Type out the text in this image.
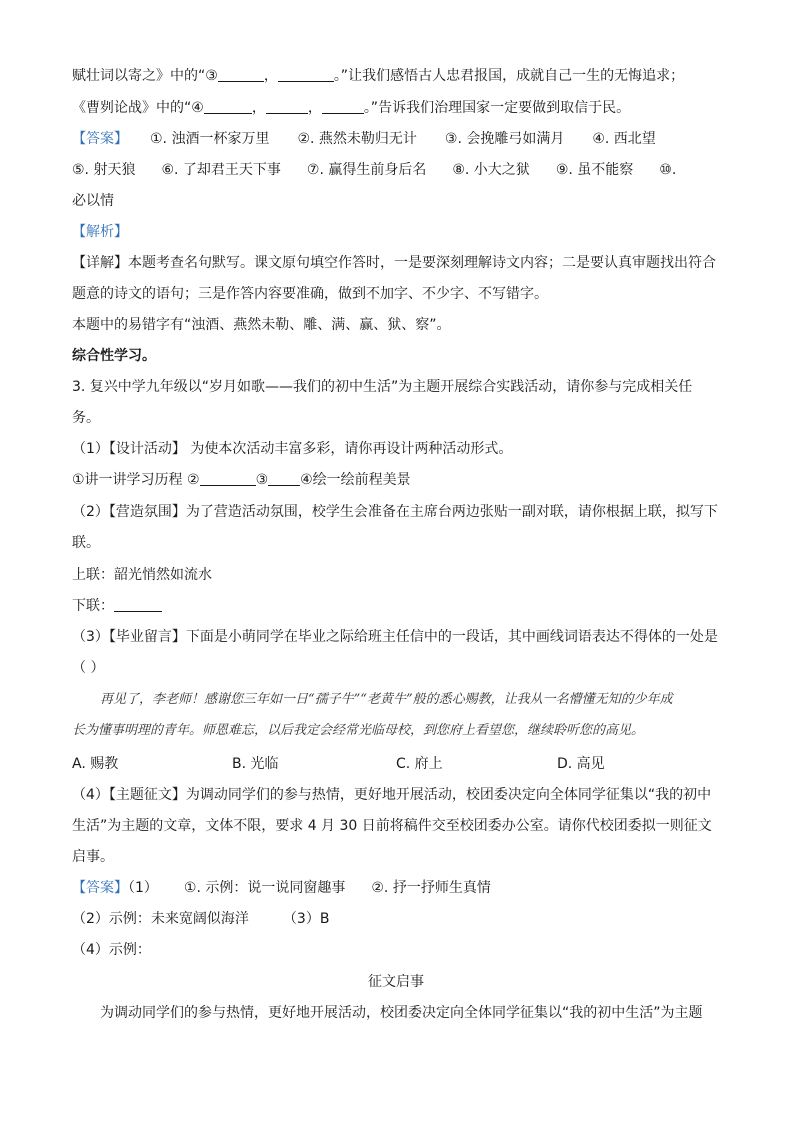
赋壮词以寄之》中的“③	，	。”让我们感悟古人忠君报国，成就自己一生的无悔追求；
《曹刿论战》中的“④	，	，	。”告诉我们治理国家一定要做到取信于民。
【答案】 ①. 浊酒一杯家万里 ②. 燕然未勒归无计 ③. 会挽雕弓如满月 ④. 西北望
⑤. 射天狼 ⑥. 了却君王天下事 ⑦. 赢得生前身后名 ⑧. 小大之狱 ⑨. 虽不能察 ⑩.
必以情
【解析】
【详解】本题考查名句默写。课文原句填空作答时，一是要深刻理解诗文内容；二是要认真审题找出符合
题意的诗文的语句；三是作答内容要准确，做到不加字、不少字、不写错字。
本题中的易错字有“浊酒、燕然未勒、雕、满、赢、狱、察”。
综合性学习。
3. 复兴中学九年级以“岁月如歌——我们的初中生活”为主题开展综合实践活动，请你参与完成相关任
务。
（1）【设计活动】 为使本次活动丰富多彩，请你再设计两种活动形式。
①讲一讲学习历程 ②	③ ④绘一绘前程美景
（2）【营造氛围】为了营造活动氛围，校学生会准备在主席台两边张贴一副对联，请你根据上联，拟写下
联。
上联：韶光悄然如流水
下联：
（3）【毕业留言】下面是小萌同学在毕业之际给班主任信中的一段话，其中画线词语表达不得体的一处是
（ ）
再见了，李老师！感谢您三年如一日“孺子牛”“老黄牛”般的悉心赐教，让我从一名懵懂无知的少年成
长为懂事明理的青年。师恩难忘，以后我定会经常光临母校，到您府上看望您，继续聆听您的高见。
A. 赐教	B. 光临	C. 府上	D. 高见
（4）【主题征文】为调动同学们的参与热情，更好地开展活动，校团委决定向全体同学征集以“我的初中
生活”为主题的文章，文体不限，要求 4 月 30 日前将稿件交至校团委办公室。请你代校团委拟一则征文
启事。
【答案】（1） ①. 示例：说一说同窗趣事 ②. 抒一抒师生真情
（2）示例：未来宽阔似海洋 （3）B
（4）示例：
征文启事
为调动同学们的参与热情，更好地开展活动，校团委决定向全体同学征集以“我的初中生活”为主题
